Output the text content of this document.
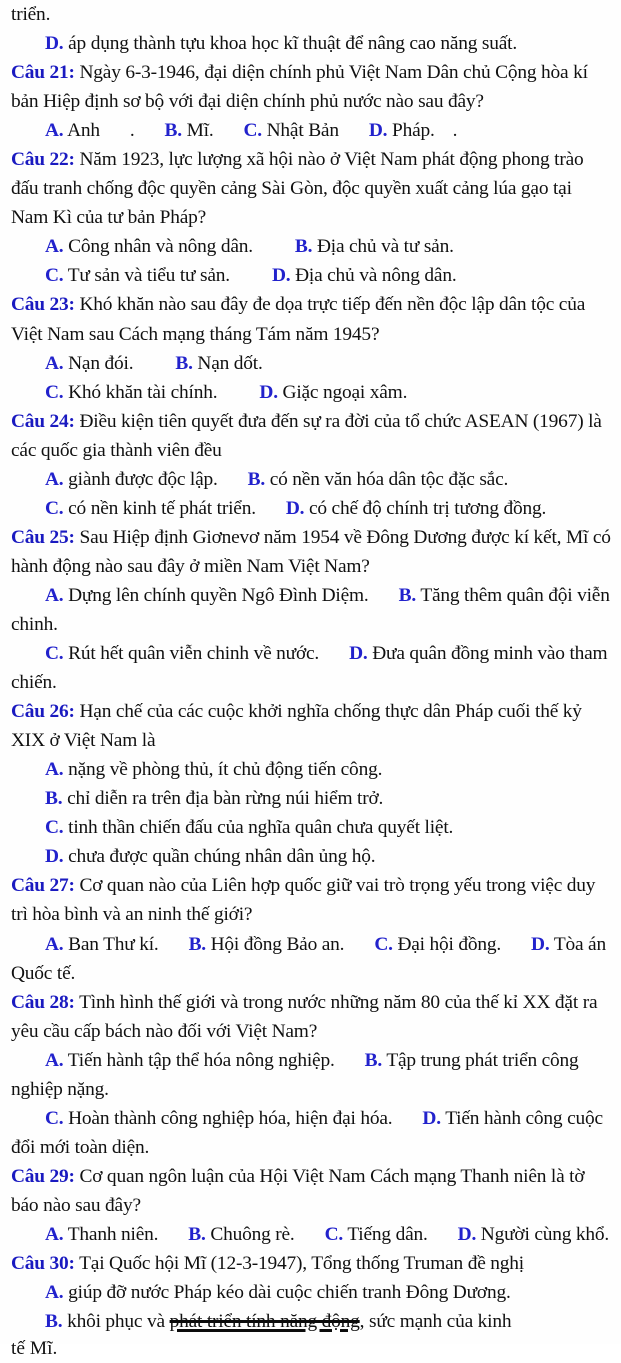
triển.

D. áp dụng thành tựu khoa học kĩ thuật để nâng cao năng suất.

Câu 21: Ngày 6-3-1946, đại diện chính phủ Việt Nam Dân chủ Cộng hòa kí bản Hiệp định sơ bộ với đại diện chính phủ nước nào sau đây?

A. Anh . B. Mĩ. C. Nhật Bản D. Pháp. .

Câu 22: Năm 1923, lực lượng xã hội nào ở Việt Nam phát động phong trào đấu tranh chống độc quyền cảng Sài Gòn, độc quyền xuất cảng lúa gạo tại Nam Kì của tư bản Pháp?

A. Công nhân và nông dân. B. Địa chủ và tư sản.

C. Tư sản và tiểu tư sản. D. Địa chủ và nông dân.

Câu 23: Khó khăn nào sau đây đe dọa trực tiếp đến nền độc lập dân tộc của Việt Nam sau Cách mạng tháng Tám năm 1945?

A. Nạn đói. B. Nạn dốt.

C. Khó khăn tài chính. D. Giặc ngoại xâm.

Câu 24: Điều kiện tiên quyết đưa đến sự ra đời của tổ chức ASEAN (1967) là các quốc gia thành viên đều

A. giành được độc lập. B. có nền văn hóa dân tộc đặc sắc.

C. có nền kinh tế phát triển. D. có chế độ chính trị tương đồng.

Câu 25: Sau Hiệp định Giơnevơ năm 1954 về Đông Dương được kí kết, Mĩ có hành động nào sau đây ở miền Nam Việt Nam?

A. Dựng lên chính quyền Ngô Đình Diệm. B. Tăng thêm quân đội viễn chinh.

C. Rút hết quân viễn chinh về nước. D. Đưa quân đồng minh vào tham chiến.

Câu 26: Hạn chế của các cuộc khởi nghĩa chống thực dân Pháp cuối thế kỷ XIX ở Việt Nam là

A. nặng về phòng thủ, ít chủ động tiến công.

B. chỉ diễn ra trên địa bàn rừng núi hiểm trở.

C. tinh thần chiến đấu của nghĩa quân chưa quyết liệt.

D. chưa được quần chúng nhân dân ủng hộ.

Câu 27: Cơ quan nào của Liên hợp quốc giữ vai trò trọng yếu trong việc duy trì hòa bình và an ninh thế giới?

A. Ban Thư kí. B. Hội đồng Bảo an. C. Đại hội đồng. D. Tòa án Quốc tế.

Câu 28: Tình hình thế giới và trong nước những năm 80 của thế kỉ XX đặt ra yêu cầu cấp bách nào đối với Việt Nam?

A. Tiến hành tập thể hóa nông nghiệp. B. Tập trung phát triển công nghiệp nặng.

C. Hoàn thành công nghiệp hóa, hiện đại hóa. D. Tiến hành công cuộc đổi mới toàn diện.

Câu 29: Cơ quan ngôn luận của Hội Việt Nam Cách mạng Thanh niên là tờ báo nào sau đây?

A. Thanh niên. B. Chuông rè. C. Tiếng dân. D. Người cùng khổ.

Câu 30: Tại Quốc hội Mĩ (12-3-1947), Tổng thống Truman đề nghị

A. giúp đỡ nước Pháp kéo dài cuộc chiến tranh Đông Dương.

B. khôi phục và phát triển tính năng động, sức mạnh của kinh

tế Mĩ.
